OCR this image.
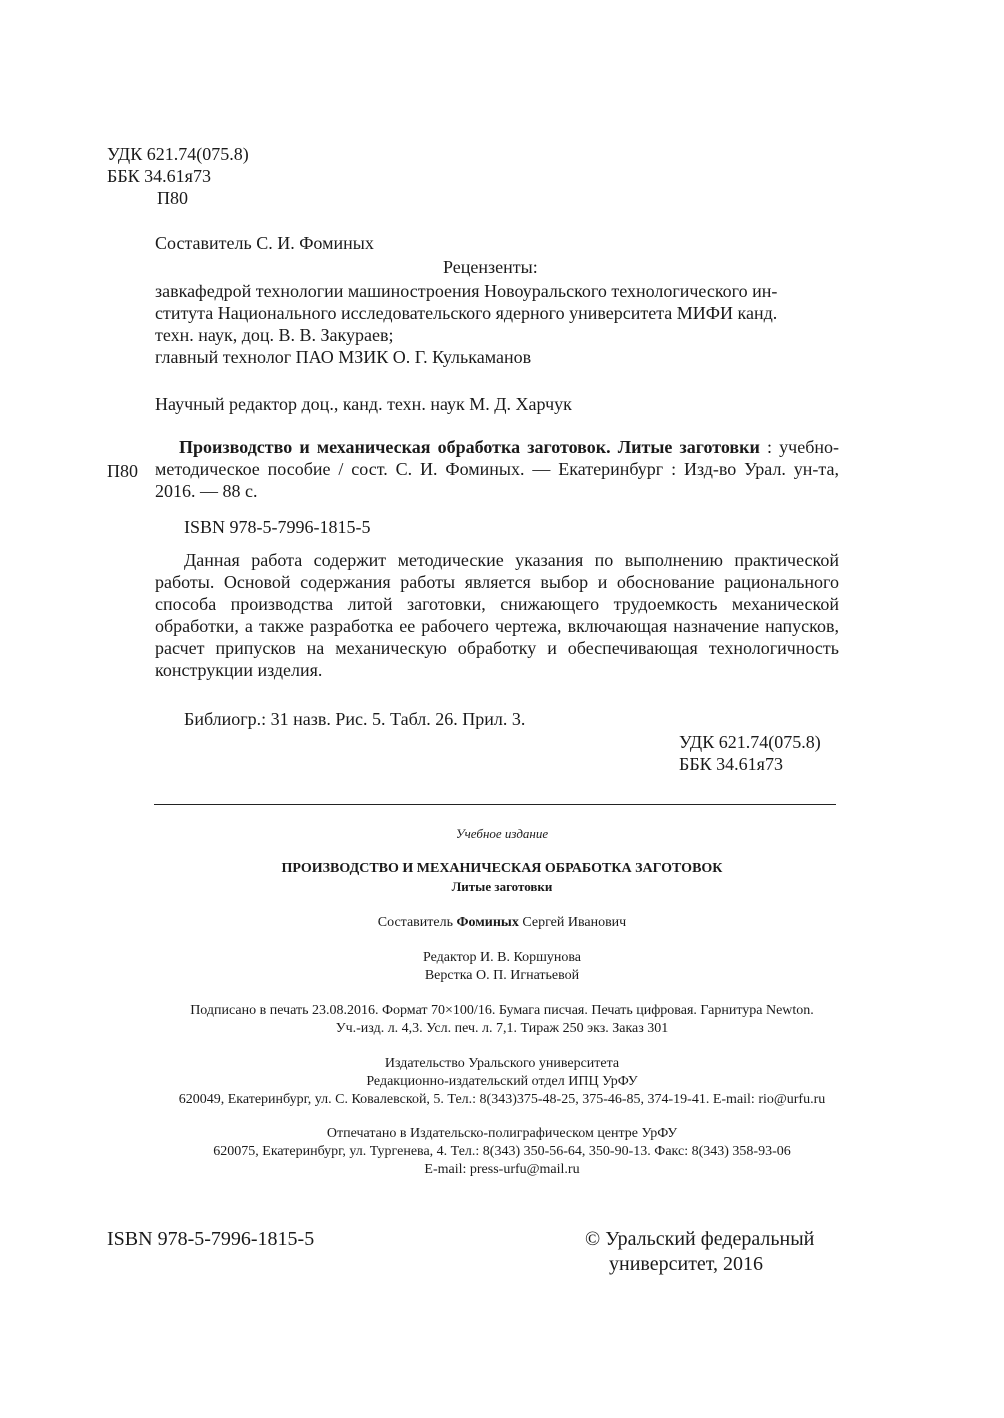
УДК 621.74(075.8)
ББК 34.61я73
П80
Составитель С. И. Фоминых
Рецензенты:
завкафедрой технологии машиностроения Новоуральского технологического ин-
ститута Национального исследовательского ядерного университета МИФИ канд.
техн. наук, доц. В. В. Закураев;
главный технолог ПАО МЗИК О. Г. Кулькаманов
Научный редактор доц., канд. техн. наук М. Д. Харчук
П80
Производство и механическая обработка заготовок. Литые заготовки : учебно-методическое пособие / сост. С. И. Фоминых. — Екатеринбург : Изд-во Урал. ун-та, 2016. — 88 с.
ISBN 978-5-7996-1815-5
Данная работа содержит методические указания по выполнению практической работы. Основой содержания работы является выбор и обоснование рационального способа производства литой заготовки, снижающего трудоемкость механической обработки, а также разработка ее рабочего чертежа, включающая назначение напусков, расчет припусков на механическую обработку и обеспечивающая технологичность конструкции изделия.
Библиогр.: 31 назв. Рис. 5. Табл. 26. Прил. 3.
УДК 621.74(075.8)
ББК 34.61я73
Учебное издание
ПРОИЗВОДСТВО И МЕХАНИЧЕСКАЯ ОБРАБОТКА ЗАГОТОВОК
Литые заготовки
Составитель Фоминых Сергей Иванович
Редактор И. В. Коршунова
Верстка О. П. Игнатьевой
Подписано в печать 23.08.2016. Формат 70×100/16. Бумага писчая. Печать цифровая. Гарнитура Newton.
Уч.-изд. л. 4,3. Усл. печ. л. 7,1. Тираж 250 экз. Заказ 301
Издательство Уральского университета
Редакционно-издательский отдел ИПЦ УрФУ
620049, Екатеринбург, ул. С. Ковалевской, 5. Тел.: 8(343)375-48-25, 375-46-85, 374-19-41. E-mail: rio@urfu.ru
Отпечатано в Издательско-полиграфическом центре УрФУ
620075, Екатеринбург, ул. Тургенева, 4. Тел.: 8(343) 350-56-64, 350-90-13. Факс: 8(343) 358-93-06
E-mail: press-urfu@mail.ru
ISBN 978-5-7996-1815-5	© Уральский федеральный
университет, 2016
